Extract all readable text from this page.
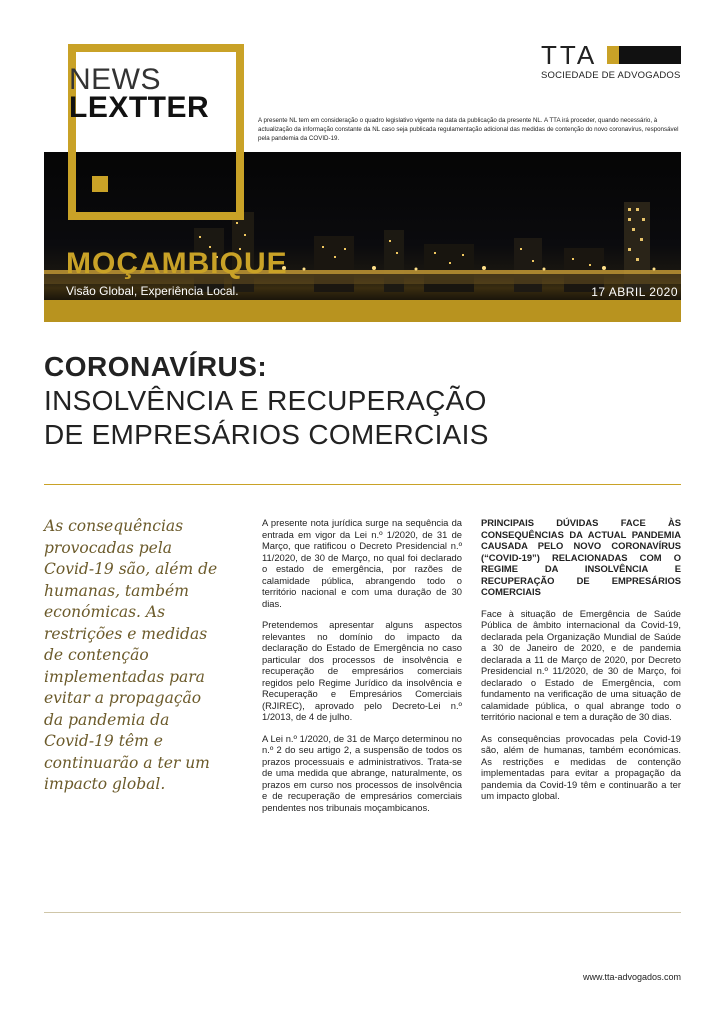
NEWS
LEXTTER
TTA
SOCIEDADE DE ADVOGADOS
A presente NL tem em consideração o quadro legislativo vigente na data da publicação da presente NL. A TTA irá proceder, quando necessário, à actualização da informação constante da NL caso seja publicada regulamentação adicional das medidas de contenção do novo coronavírus, responsável pela pandemia da COVID-19.
MOÇAMBIQUE
Visão Global, Experiência Local.	17 ABRIL 2020
CORONAVÍRUS:
INSOLVÊNCIA E RECUPERAÇÃO
DE EMPRESÁRIOS COMERCIAIS
As consequências provocadas pela Covid-19 são, além de humanas, também económicas. As restrições e medidas de contenção implementadas para evitar a propagação da pandemia da Covid-19 têm e continuarão a ter um impacto global.

A presente nota jurídica surge na sequência da entrada em vigor da Lei n.º 1/2020, de 31 de Março, que ratificou o Decreto Presidencial n.º 11/2020, de 30 de Março, no qual foi declarado o estado de emergência, por razões de calamidade pública, abrangendo todo o território nacional e com uma duração de 30 dias.

Pretendemos apresentar alguns aspectos relevantes no domínio do impacto da declaração do Estado de Emergência no caso particular dos processos de insolvência e recuperação de empresários comerciais regidos pelo Regime Jurídico da insolvência e Recuperação e Empresários Comerciais (RJIREC), aprovado pelo Decreto-Lei n.º 1/2013, de 4 de julho.

A Lei n.º 1/2020, de 31 de Março determinou no n.º 2 do seu artigo 2, a suspensão de todos os prazos processuais e administrativos. Trata-se de uma medida que abrange, naturalmente, os prazos em curso nos processos de insolvência e de recuperação de empresários comerciais pendentes nos tribunais moçambicanos.

PRINCIPAIS DÚVIDAS FACE ÀS CONSEQUÊNCIAS DA ACTUAL PANDEMIA CAUSADA PELO NOVO CORONAVÍRUS (“COVID-19”) RELACIONADAS COM O REGIME DA INSOLVÊNCIA E RECUPERAÇÃO DE EMPRESÁRIOS COMERCIAIS

Face à situação de Emergência de Saúde Pública de âmbito internacional da Covid-19, declarada pela Organização Mundial de Saúde a 30 de Janeiro de 2020, e de pandemia declarada a 11 de Março de 2020, por Decreto Presidencial n.º 11/2020, de 30 de Março, foi declarado o Estado de Emergência, com fundamento na verificação de uma situação de calamidade pública, o qual abrange todo o território nacional e tem a duração de 30 dias.

As consequências provocadas pela Covid-19 são, além de humanas, também económicas. As restrições e medidas de contenção implementadas para evitar a propagação da pandemia da Covid-19 têm e continuarão a ter um impacto global.

www.tta-advogados.com
